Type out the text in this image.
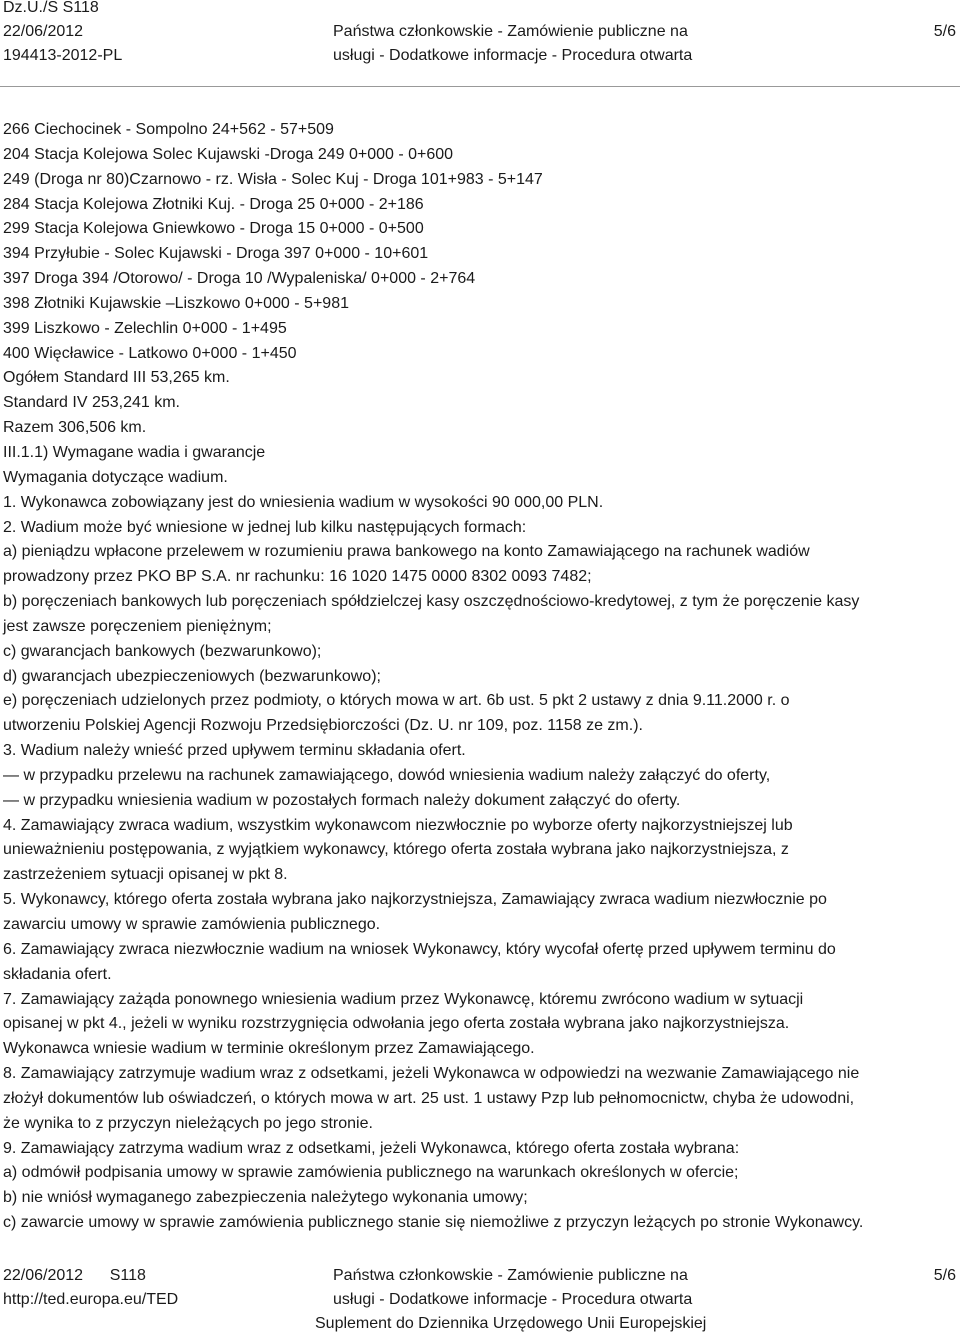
Dz.U./S S118
22/06/2012
194413-2012-PL
Państwa członkowskie - Zamówienie publiczne na
usługi - Dodatkowe informacje - Procedura otwarta
5/6
266 Ciechocinek - Sompolno 24+562 - 57+509
204 Stacja Kolejowa Solec Kujawski -Droga 249 0+000 - 0+600
249 (Droga nr 80)Czarnowo - rz. Wisła - Solec Kuj - Droga 101+983 - 5+147
284 Stacja Kolejowa Złotniki Kuj. - Droga 25 0+000 - 2+186
299 Stacja Kolejowa Gniewkowo - Droga 15 0+000 - 0+500
394 Przyłubie - Solec Kujawski - Droga 397 0+000 - 10+601
397 Droga 394 /Otorowo/ - Droga 10 /Wypaleniska/ 0+000 - 2+764
398 Złotniki Kujawskie –Liszkowo 0+000 - 5+981
399 Liszkowo - Zelechlin 0+000 - 1+495
400 Więcławice - Latkowo 0+000 - 1+450
Ogółem Standard III 53,265 km.
Standard IV 253,241 km.
Razem 306,506 km.
III.1.1) Wymagane wadia i gwarancje
Wymagania dotyczące wadium.
1. Wykonawca zobowiązany jest do wniesienia wadium w wysokości 90 000,00 PLN.
2. Wadium może być wniesione w jednej lub kilku następujących formach:
a) pieniądzu wpłacone przelewem w rozumieniu prawa bankowego na konto Zamawiającego na rachunek wadiów
prowadzony przez PKO BP S.A. nr rachunku: 16 1020 1475 0000 8302 0093 7482;
b) poręczeniach bankowych lub poręczeniach spółdzielczej kasy oszczędnościowo-kredytowej, z tym że poręczenie kasy
jest zawsze poręczeniem pieniężnym;
c) gwarancjach bankowych (bezwarunkowo);
d) gwarancjach ubezpieczeniowych (bezwarunkowo);
e) poręczeniach udzielonych przez podmioty, o których mowa w art. 6b ust. 5 pkt 2 ustawy z dnia 9.11.2000 r. o
utworzeniu Polskiej Agencji Rozwoju Przedsiębiorczości (Dz. U. nr 109, poz. 1158 ze zm.).
3. Wadium należy wnieść przed upływem terminu składania ofert.
— w przypadku przelewu na rachunek zamawiającego, dowód wniesienia wadium należy załączyć do oferty,
— w przypadku wniesienia wadium w pozostałych formach należy dokument załączyć do oferty.
4. Zamawiający zwraca wadium, wszystkim wykonawcom niezwłocznie po wyborze oferty najkorzystniejszej lub
unieważnieniu postępowania, z wyjątkiem wykonawcy, którego oferta została wybrana jako najkorzystniejsza, z
zastrzeżeniem sytuacji opisanej w pkt 8.
5. Wykonawcy, którego oferta została wybrana jako najkorzystniejsza, Zamawiający zwraca wadium niezwłocznie po
zawarciu umowy w sprawie zamówienia publicznego.
6. Zamawiający zwraca niezwłocznie wadium na wniosek Wykonawcy, który wycofał ofertę przed upływem terminu do
składania ofert.
7. Zamawiający zażąda ponownego wniesienia wadium przez Wykonawcę, któremu zwrócono wadium w sytuacji
opisanej w pkt 4., jeżeli w wyniku rozstrzygnięcia odwołania jego oferta została wybrana jako najkorzystniejsza.
Wykonawca wniesie wadium w terminie określonym przez Zamawiającego.
8. Zamawiający zatrzymuje wadium wraz z odsetkami, jeżeli Wykonawca w odpowiedzi na wezwanie Zamawiającego nie
złożył dokumentów lub oświadczeń, o których mowa w art. 25 ust. 1 ustawy Pzp lub pełnomocnictw, chyba że udowodni,
że wynika to z przyczyn nieleżących po jego stronie.
9. Zamawiający zatrzyma wadium wraz z odsetkami, jeżeli Wykonawca, którego oferta została wybrana:
a) odmówił podpisania umowy w sprawie zamówienia publicznego na warunkach określonych w ofercie;
b) nie wniósł wymaganego zabezpieczenia należytego wykonania umowy;
c) zawarcie umowy w sprawie zamówienia publicznego stanie się niemożliwe z przyczyn leżących po stronie Wykonawcy.
22/06/2012      S118
http://ted.europa.eu/TED
Państwa członkowskie - Zamówienie publiczne na
usługi - Dodatkowe informacje - Procedura otwarta
Suplement do Dziennika Urzędowego Unii Europejskiej
5/6
